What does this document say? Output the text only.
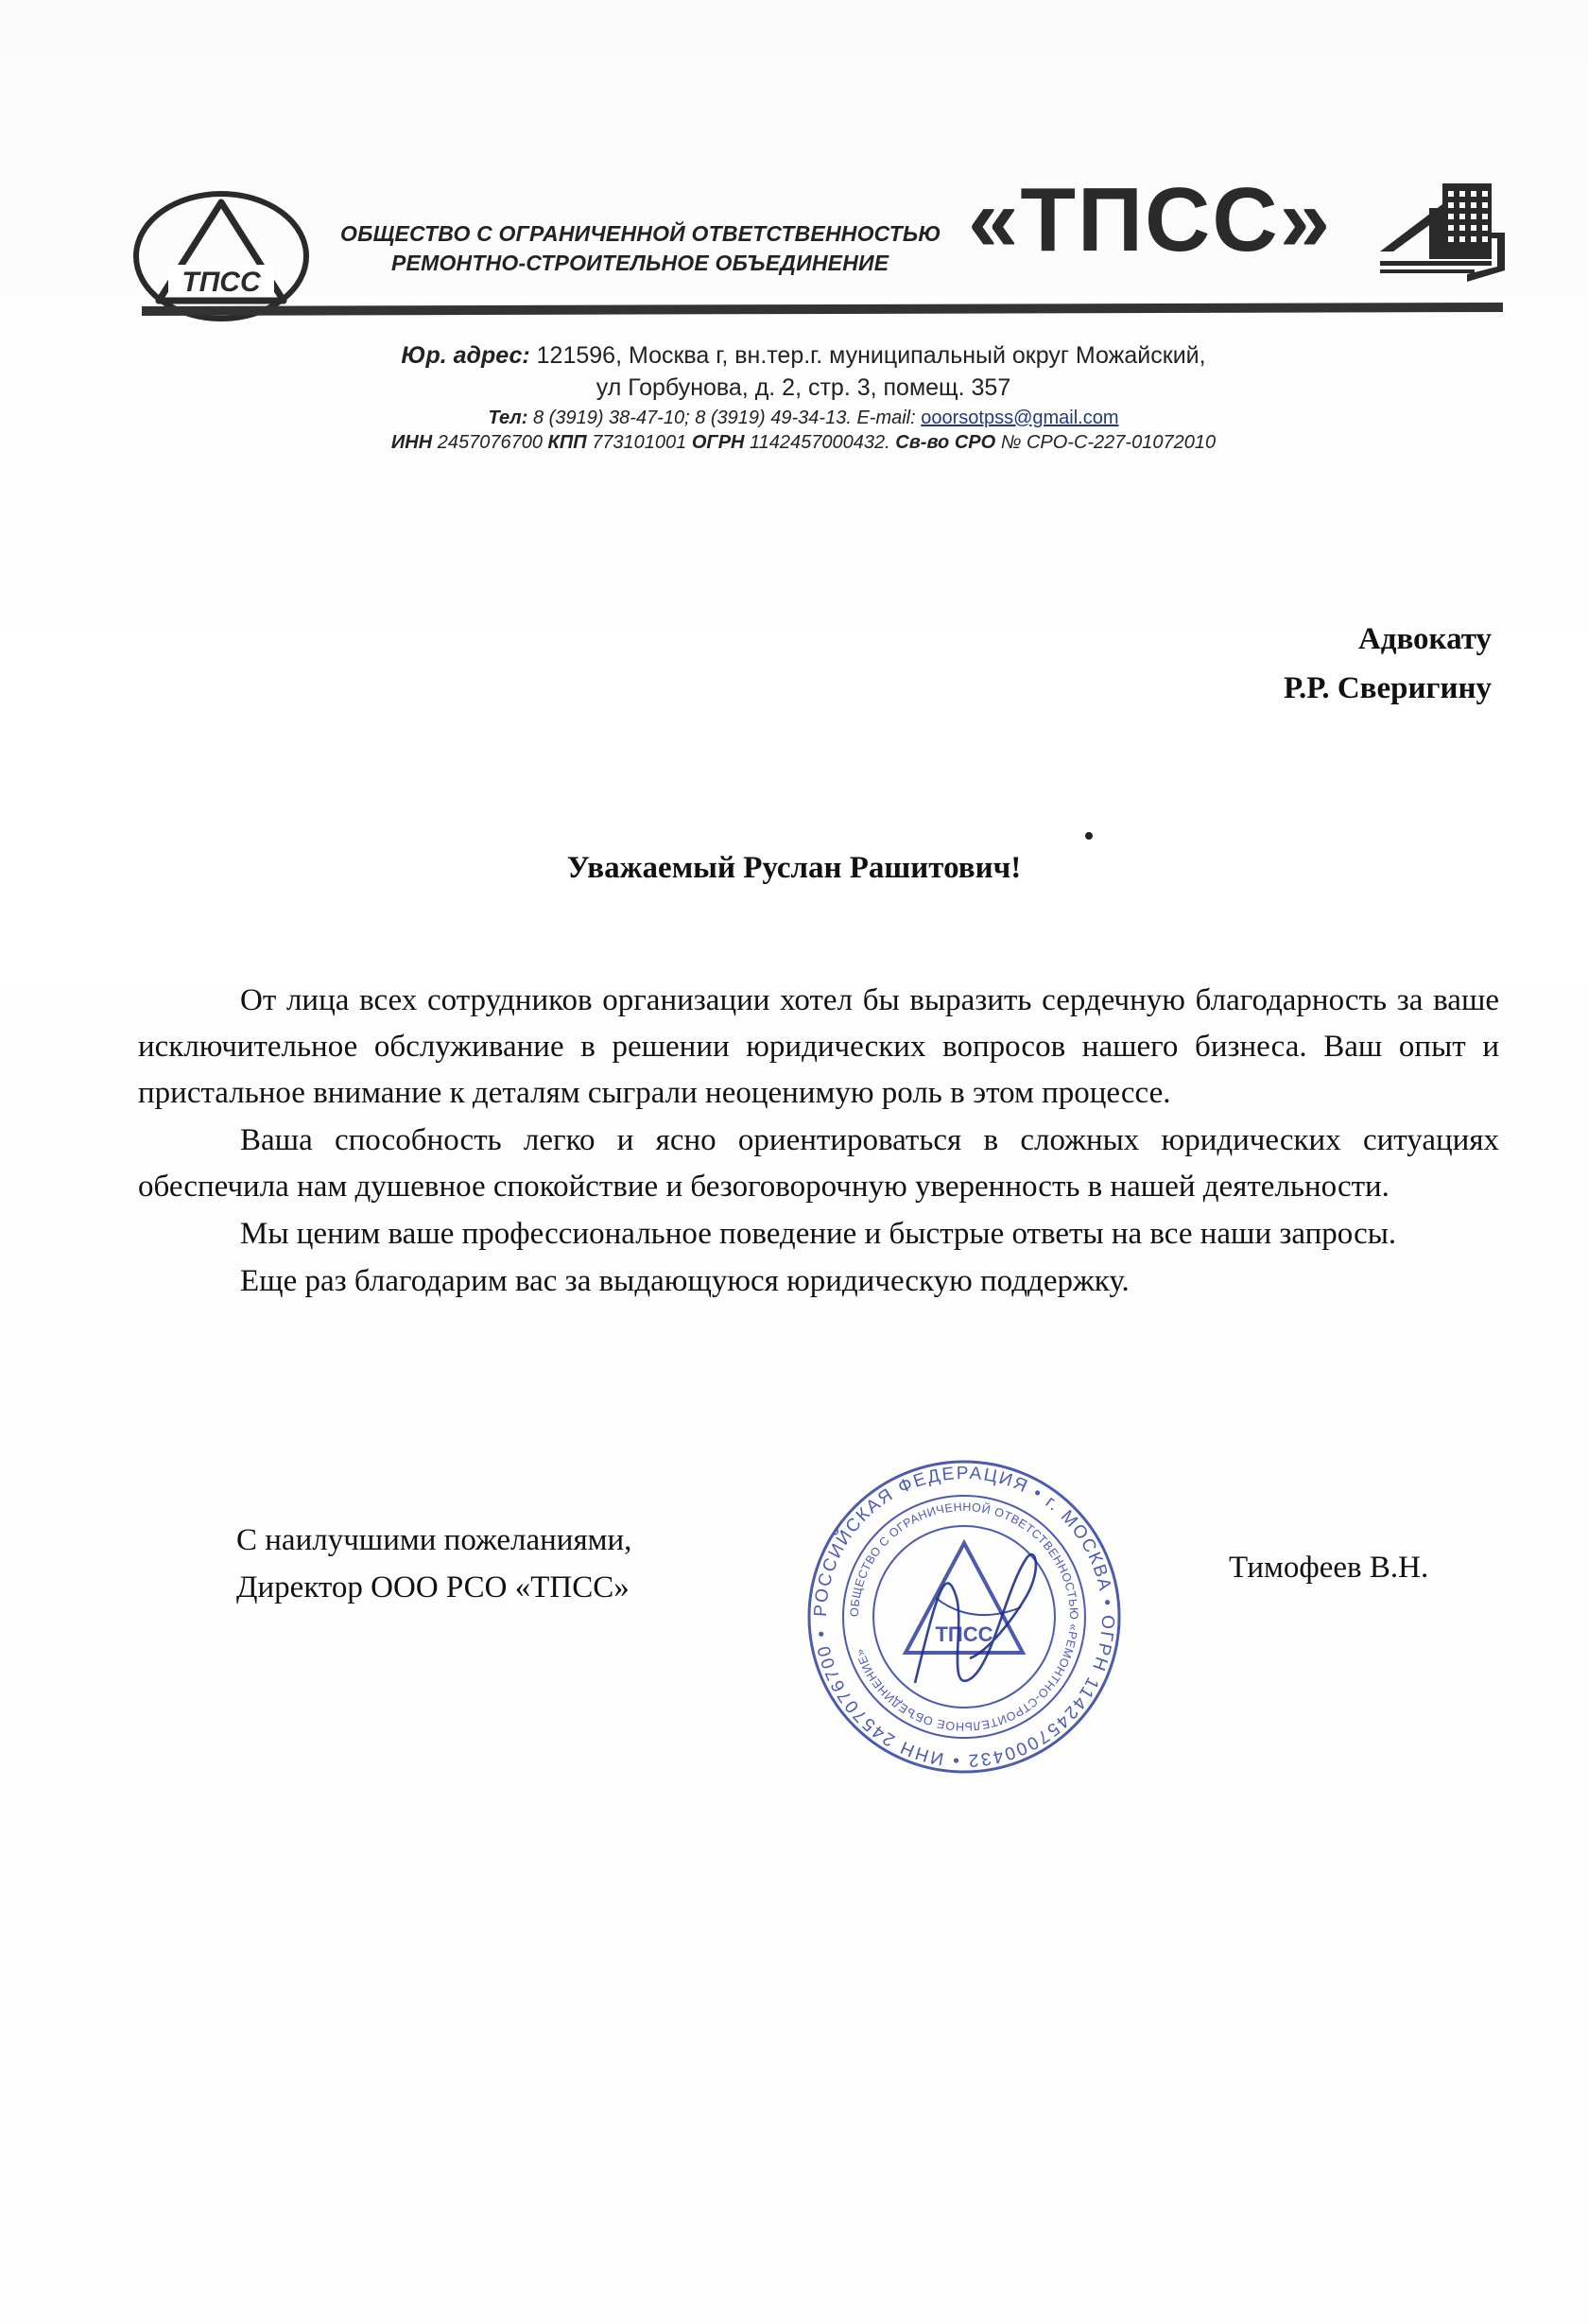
ТПСС
ОБЩЕСТВО С ОГРАНИЧЕННОЙ ОТВЕТСТВЕННОСТЬЮ
РЕМОНТНО-СТРОИТЕЛЬНОЕ ОБЪЕДИНЕНИЕ «ТПСС»
Юр. адрес: 121596, Москва г, вн.тер.г. муниципальный округ Можайский,
ул Горбунова, д. 2, стр. 3, помещ. 357
Тел: 8 (3919) 38-47-10; 8 (3919) 49-34-13. E-mail: ooorsotpss@gmail.com
ИНН 2457076700 КПП 773101001 ОГРН 1142457000432. Св-во СРО № СРО-С-227-01072010
Адвокату
Р.Р. Сверигину
Уважаемый Руслан Рашитович!

От лица всех сотрудников организации хотел бы выразить сердечную благодарность за ваше исключительное обслуживание в решении юридических вопросов нашего бизнеса. Ваш опыт и пристальное внимание к деталям сыграли неоценимую роль в этом процессе.

Ваша способность легко и ясно ориентироваться в сложных юридических ситуациях обеспечила нам душевное спокойствие и безоговорочную уверенность в нашей деятельности.

Мы ценим ваше профессиональное поведение и быстрые ответы на все наши запросы.

Еще раз благодарим вас за выдающуюся юридическую поддержку.

С наилучшими пожеланиями,
Директор ООО РСО «ТПСС»
РОССИЙСКАЯ ФЕДЕРАЦИЯ • г. МОСКВА • ОГРН 1142457000432 • ИНН 2457076700 •
ОБЩЕСТВО С ОГРАНИЧЕННОЙ ОТВЕТСТВЕННОСТЬЮ «РЕМОНТНО-СТРОИТЕЛЬНОЕ ОБЪЕДИНЕНИЕ»
ТПСС
Тимофеев В.Н.
